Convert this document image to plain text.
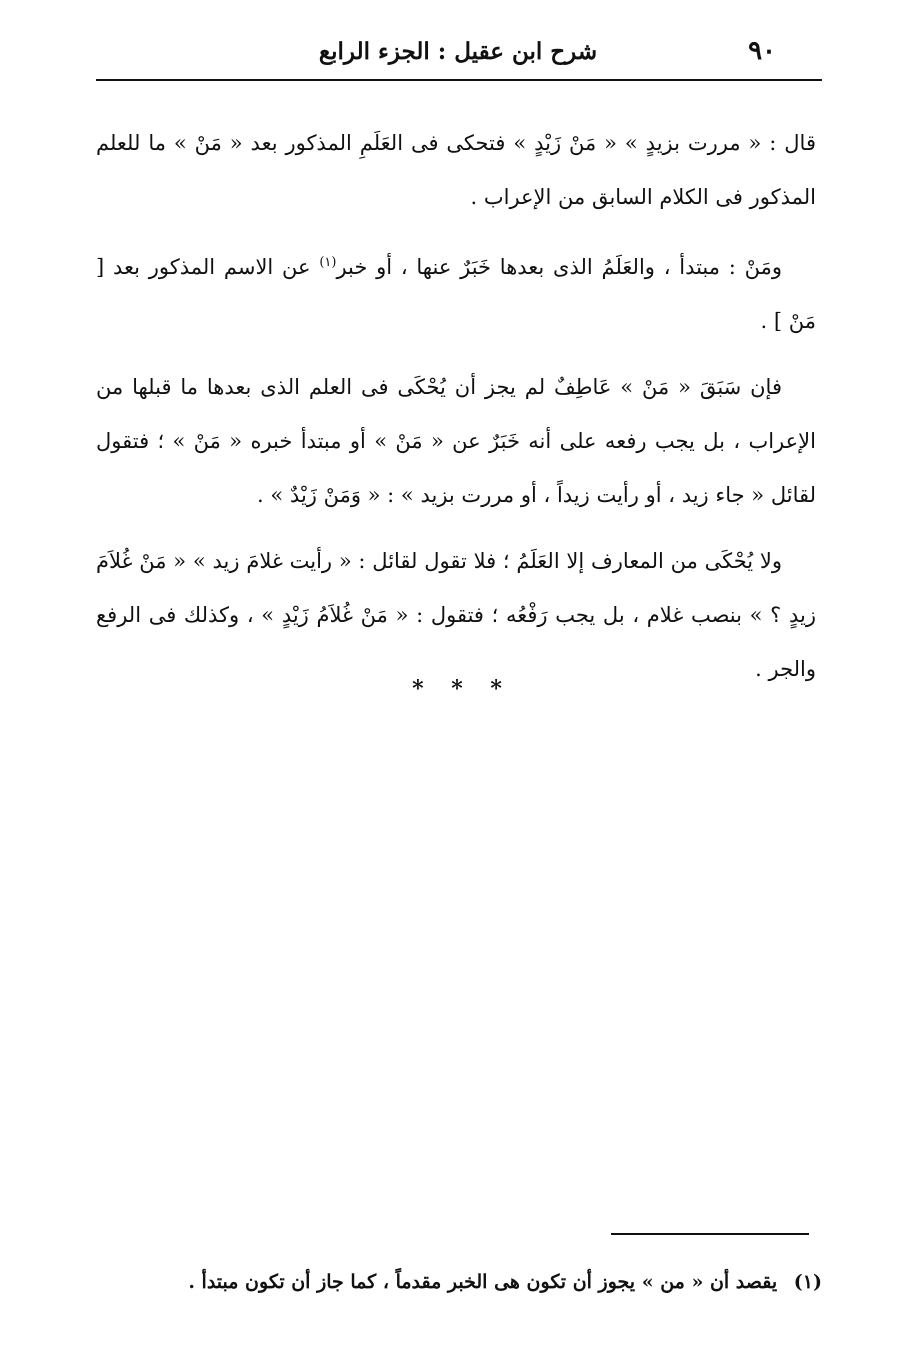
٩٠
شرح ابن عقيل : الجزء الرابع

قال : « مررت بزيدٍ » « مَنْ زَيْدٍ » فتحكى فى العَلَمِ المذكور بعد « مَنْ » ما للعلم المذكور فى الكلام السابق من الإعراب .

ومَنْ : مبتدأ ، والعَلَمُ الذى بعدها خَبَرٌ عنها ، أو خبر$^{(١)}$ عن الاسم المذكور بعد [ مَنْ ] .

فإن سَبَقَ « مَنْ » عَاطِفٌ لم يجز أن يُحْكَى فى العلم الذى بعدها ما قبلها من الإعراب ، بل يجب رفعه على أنه خَبَرٌ عن « مَنْ » أو مبتدأ خبره « مَنْ » ؛ فتقول لقائل « جاء زيد ، أو رأيت زيداً ، أو مررت بزيد » : « وَمَنْ زَيْدٌ » .

ولا يُحْكَى من المعارف إلا العَلَمُ ؛ فلا تقول لقائل : « رأيت غلامَ زيد » « مَنْ غُلاَمَ زيدٍ ؟ » بنصب غلام ، بل يجب رَفْعُه ؛ فتقول : « مَنْ غُلاَمُ زَيْدٍ » ، وكذلك فى الرفع والجر .

* * *
(١) يقصد أن « من » يجوز أن تكون هى الخبر مقدماً ، كما جاز أن تكون مبتدأ .
